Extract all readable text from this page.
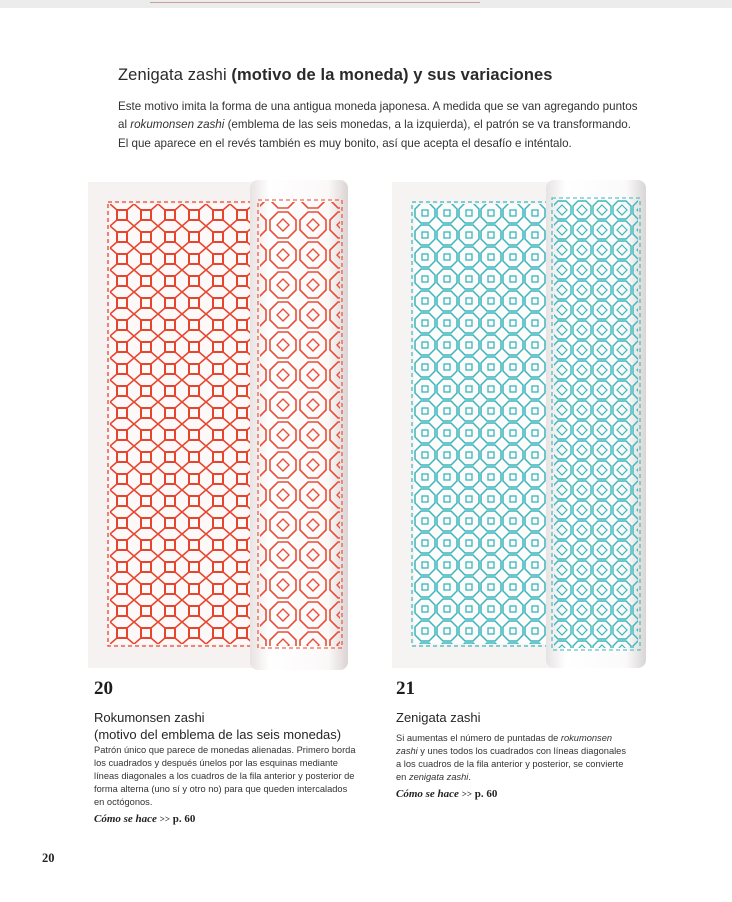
Zenigata zashi (motivo de la moneda) y sus variaciones
Este motivo imita la forma de una antigua moneda japonesa. A medida que se van agregando puntos al rokumonsen zashi (emblema de las seis monedas, a la izquierda), el patrón se va transformando. El que aparece en el revés también es muy bonito, así que acepta el desafío e inténtalo.
20
Rokumonsen zashi
(motivo del emblema de las seis monedas)
Patrón único que parece de monedas alienadas. Primero borda los cuadrados y después únelos por las esquinas mediante líneas diagonales a los cuadros de la fila anterior y posterior de forma alterna (uno sí y otro no) para que queden intercalados en octógonos.
Cómo se hace >> p. 60
21
Zenigata zashi
Si aumentas el número de puntadas de rokumonsen zashi y unes todos los cuadrados con líneas diagonales a los cuadros de la fila anterior y posterior, se convierte en zenigata zashi.
Cómo se hace >> p. 60
20
